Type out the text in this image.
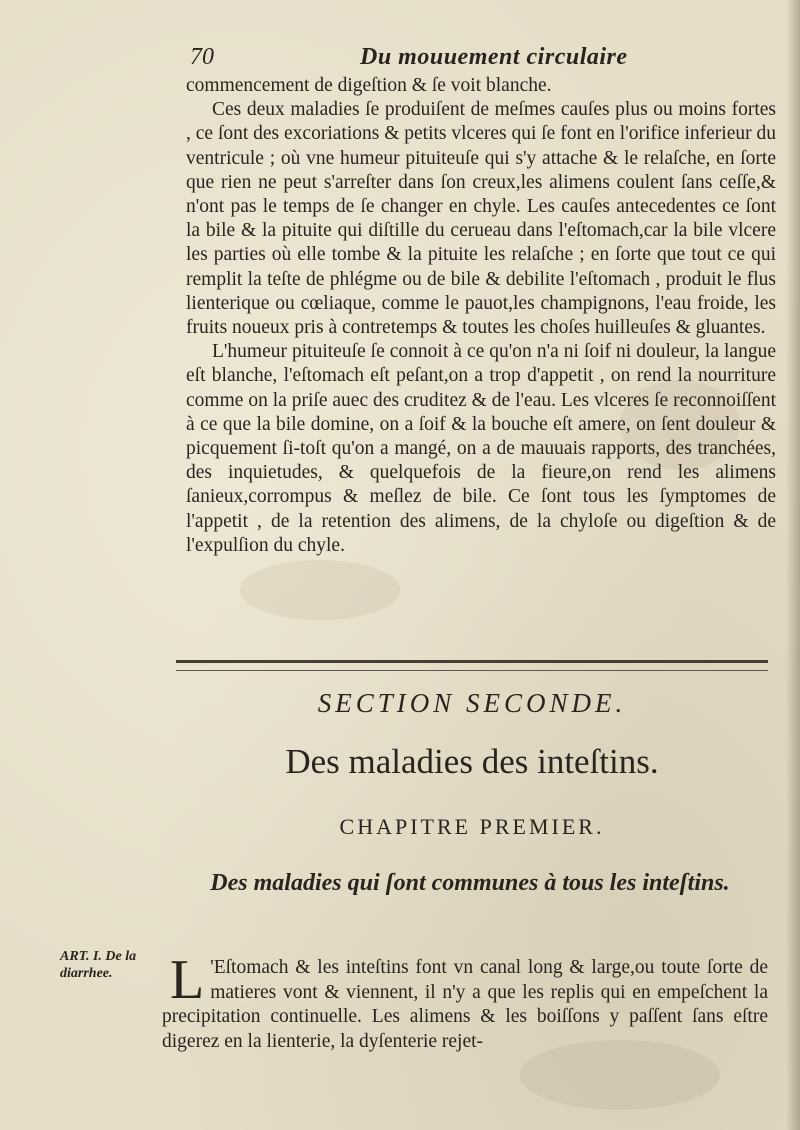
70	Du mouuement circulaire

commencement de digeſtion & ſe voit blanche.

Ces deux maladies ſe produiſent de meſmes cauſes plus ou moins fortes , ce ſont des excoriations & petits vlceres qui ſe font en l'orifice inferieur du ventricule ; où vne humeur pituiteuſe qui s'y attache & le relaſche, en ſorte que rien ne peut s'arreſter dans ſon creux,les alimens coulent ſans ceſſe,& n'ont pas le temps de ſe changer en chyle. Les cauſes antecedentes ce ſont la bile & la pituite qui diſtille du cerueau dans l'eſtomach,car la bile vlcere les parties où elle tombe & la pituite les relaſche ; en ſorte que tout ce qui remplit la teſte de phlégme ou de bile & debilite l'eſtomach , produit le flus lienterique ou cœliaque, comme le pauot,les champignons, l'eau froide, les fruits noueux pris à contretemps & toutes les choſes huilleuſes & gluantes.

L'humeur pituiteuſe ſe connoit à ce qu'on n'a ni ſoif ni douleur, la langue eſt blanche, l'eſtomach eſt peſant,on a trop d'appetit , on rend la nourriture comme on la priſe auec des cruditez & de l'eau. Les vlceres ſe reconnoiſſent à ce que la bile domine, on a ſoif & la bouche eſt amere, on ſent douleur & picquement ſi-toſt qu'on a mangé, on a de mauuais rapports, des tranchées, des inquietudes, & quelquefois de la fieure,on rend les alimens ſanieux,corrompus & meſlez de bile. Ce ſont tous les ſymptomes de l'appetit , de la retention des alimens, de la chyloſe ou digeſtion & de l'expulſion du chyle.

SECTION SECONDE.
Des maladies des inteſtins.
CHAPITRE PREMIER.
Des maladies qui ſont communes à tous les inteſtins.
ART. I. De la diarrhee.	L 'Eſtomach & les inteſtins font vn canal long & large,ou toute ſorte de matieres vont & viennent, il n'y a que les replis qui en empeſchent la precipitation continuelle. Les alimens & les boiſſons y paſſent ſans eſtre digerez en la lienterie, la dyſenterie rejet-
